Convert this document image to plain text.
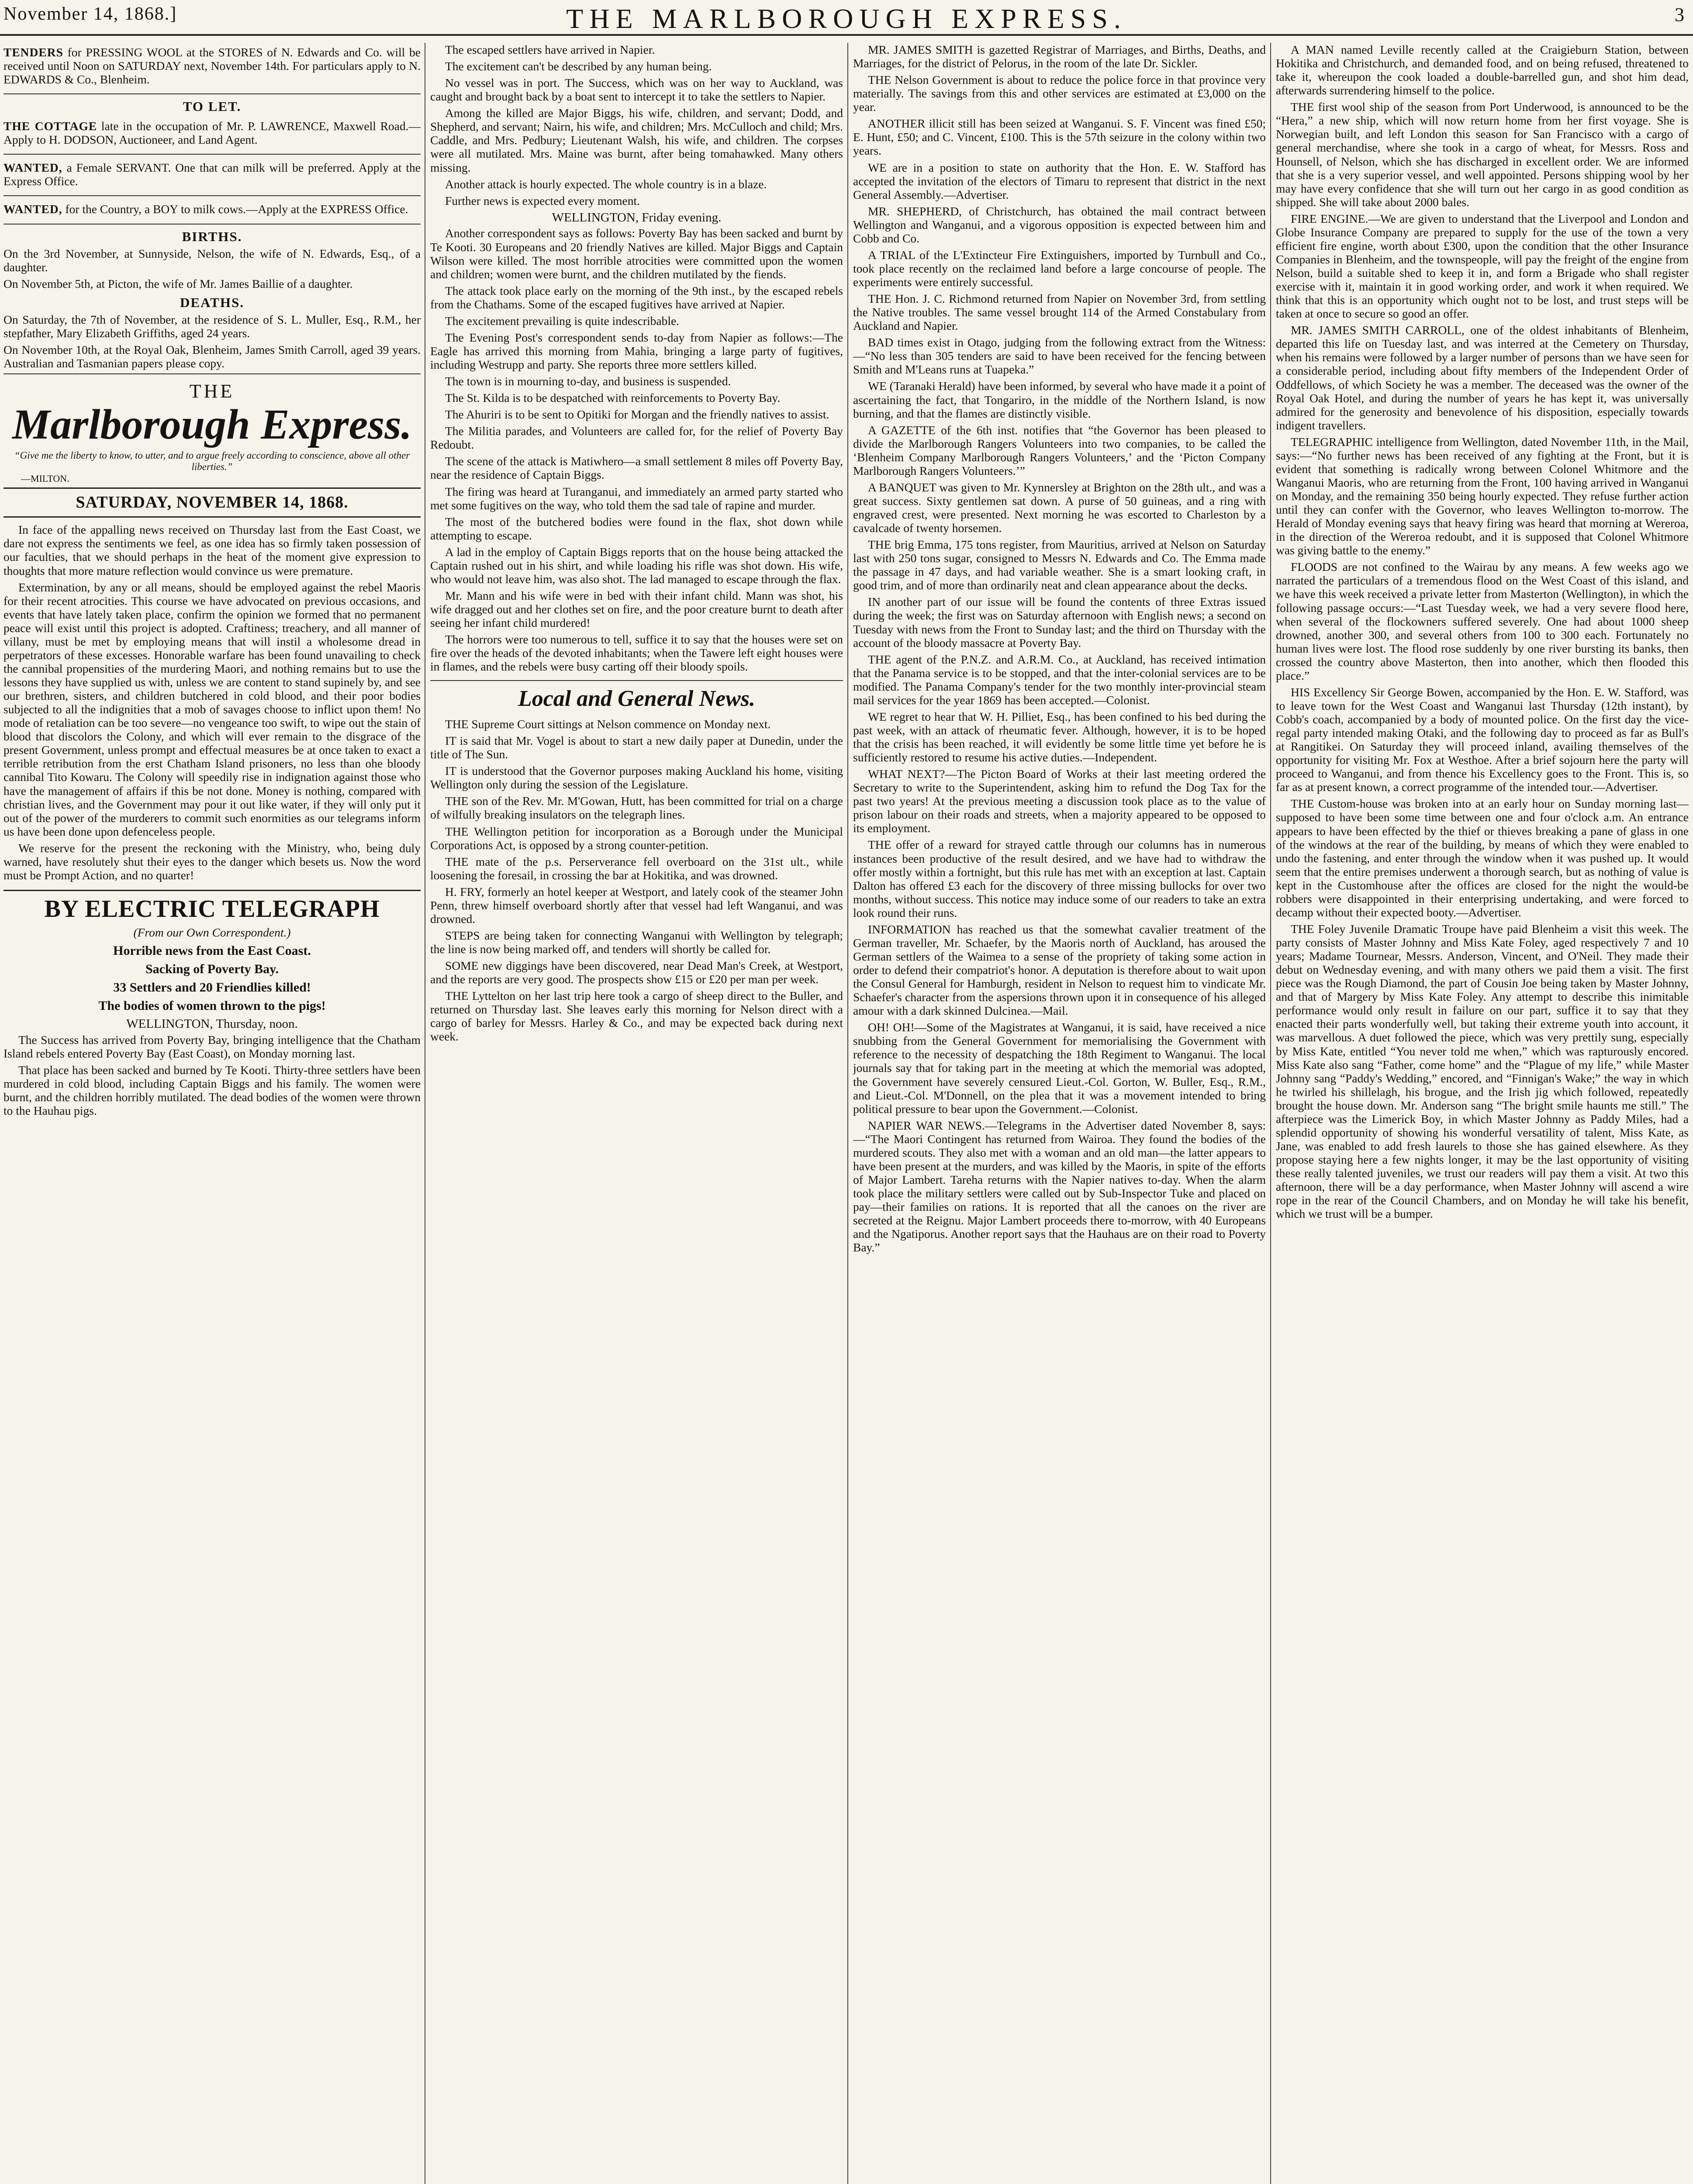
November 14, 1868.]	THE MARLBOROUGH EXPRESS.	3

TENDERS for PRESSING WOOL at the STORES of N. Edwards and Co. will be received until Noon on SATURDAY next, November 14th. For particulars apply to N. EDWARDS & Co., Blenheim.

TO LET.

THE COTTAGE late in the occupation of Mr. P. LAWRENCE, Maxwell Road.—Apply to H. DODSON, Auctioneer, and Land Agent.

WANTED, a Female SERVANT. One that can milk will be preferred. Apply at the Express Office.

WANTED, for the Country, a BOY to milk cows.—Apply at the EXPRESS Office.

BIRTHS.

On the 3rd November, at Sunnyside, Nelson, the wife of N. Edwards, Esq., of a daughter.

On November 5th, at Picton, the wife of Mr. James Baillie of a daughter.

DEATHS.

On Saturday, the 7th of November, at the residence of S. L. Muller, Esq., R.M., her stepfather, Mary Elizabeth Griffiths, aged 24 years.

On November 10th, at the Royal Oak, Blenheim, James Smith Carroll, aged 39 years. Australian and Tasmanian papers please copy.

THE
Marlborough Express.
“Give me the liberty to know, to utter, and to argue freely according to conscience, above all other liberties.”
—MILTON.
SATURDAY, NOVEMBER 14, 1868.

In face of the appalling news received on Thursday last from the East Coast, we dare not express the sentiments we feel, as one idea has so firmly taken possession of our faculties, that we should perhaps in the heat of the moment give expression to thoughts that more mature reflection would convince us were premature.

Extermination, by any or all means, should be employed against the rebel Maoris for their recent atrocities. This course we have advocated on previous occasions, and events that have lately taken place, confirm the opinion we formed that no permanent peace will exist until this project is adopted. Craftiness; treachery, and all manner of villany, must be met by employing means that will instil a wholesome dread in perpetrators of these excesses. Honorable warfare has been found unavailing to check the cannibal propensities of the murdering Maori, and nothing remains but to use the lessons they have supplied us with, unless we are content to stand supinely by, and see our brethren, sisters, and children butchered in cold blood, and their poor bodies subjected to all the indignities that a mob of savages choose to inflict upon them! No mode of retaliation can be too severe—no vengeance too swift, to wipe out the stain of blood that discolors the Colony, and which will ever remain to the disgrace of the present Government, unless prompt and effectual measures be at once taken to exact a terrible retribution from the erst Chatham Island prisoners, no less than ohe bloody cannibal Tito Kowaru. The Colony will speedily rise in indignation against those who have the management of affairs if this be not done. Money is nothing, compared with christian lives, and the Government may pour it out like water, if they will only put it out of the power of the murderers to commit such enormities as our telegrams inform us have been done upon defenceless people.

We reserve for the present the reckoning with the Ministry, who, being duly warned, have resolutely shut their eyes to the danger which besets us. Now the word must be Prompt Action, and no quarter!

BY ELECTRIC TELEGRAPH
(From our Own Correspondent.)
Horrible news from the East Coast.
Sacking of Poverty Bay.
33 Settlers and 20 Friendlies killed!
The bodies of women thrown to the pigs!
WELLINGTON, Thursday, noon.

The Success has arrived from Poverty Bay, bringing intelligence that the Chatham Island rebels entered Poverty Bay (East Coast), on Monday morning last.

That place has been sacked and burned by Te Kooti. Thirty-three settlers have been murdered in cold blood, including Captain Biggs and his family. The women were burnt, and the children horribly mutilated. The dead bodies of the women were thrown to the Hauhau pigs.

The escaped settlers have arrived in Napier.

The excitement can't be described by any human being.

No vessel was in port. The Success, which was on her way to Auckland, was caught and brought back by a boat sent to intercept it to take the settlers to Napier.

Among the killed are Major Biggs, his wife, children, and servant; Dodd, and Shepherd, and servant; Nairn, his wife, and children; Mrs. McCulloch and child; Mrs. Caddle, and Mrs. Pedbury; Lieutenant Walsh, his wife, and children. The corpses were all mutilated. Mrs. Maine was burnt, after being tomahawked. Many others missing.

Another attack is hourly expected. The whole country is in a blaze.

Further news is expected every moment.

WELLINGTON, Friday evening.

Another correspondent says as follows: Poverty Bay has been sacked and burnt by Te Kooti. 30 Europeans and 20 friendly Natives are killed. Major Biggs and Captain Wilson were killed. The most horrible atrocities were committed upon the women and children; women were burnt, and the children mutilated by the fiends.

The attack took place early on the morning of the 9th inst., by the escaped rebels from the Chathams. Some of the escaped fugitives have arrived at Napier.

The excitement prevailing is quite indescribable.

The Evening Post's correspondent sends to-day from Napier as follows:—The Eagle has arrived this morning from Mahia, bringing a large party of fugitives, including Westrupp and party. She reports three more settlers killed.

The town is in mourning to-day, and business is suspended.

The St. Kilda is to be despatched with reinforcements to Poverty Bay.

The Ahuriri is to be sent to Opitiki for Morgan and the friendly natives to assist.

The Militia parades, and Volunteers are called for, for the relief of Poverty Bay Redoubt.

The scene of the attack is Matiwhero—a small settlement 8 miles off Poverty Bay, near the residence of Captain Biggs.

The firing was heard at Turanganui, and immediately an armed party started who met some fugitives on the way, who told them the sad tale of rapine and murder.

The most of the butchered bodies were found in the flax, shot down while attempting to escape.

A lad in the employ of Captain Biggs reports that on the house being attacked the Captain rushed out in his shirt, and while loading his rifle was shot down. His wife, who would not leave him, was also shot. The lad managed to escape through the flax.

Mr. Mann and his wife were in bed with their infant child. Mann was shot, his wife dragged out and her clothes set on fire, and the poor creature burnt to death after seeing her infant child murdered!

The horrors were too numerous to tell, suffice it to say that the houses were set on fire over the heads of the devoted inhabitants; when the Tawere left eight houses were in flames, and the rebels were busy carting off their bloody spoils.

Local and General News.

THE Supreme Court sittings at Nelson commence on Monday next.

IT is said that Mr. Vogel is about to start a new daily paper at Dunedin, under the title of The Sun.

IT is understood that the Governor purposes making Auckland his home, visiting Wellington only during the session of the Legislature.

THE son of the Rev. Mr. M'Gowan, Hutt, has been committed for trial on a charge of wilfully breaking insulators on the telegraph lines.

THE Wellington petition for incorporation as a Borough under the Municipal Corporations Act, is opposed by a strong counter-petition.

THE mate of the p.s. Perserverance fell overboard on the 31st ult., while loosening the foresail, in crossing the bar at Hokitika, and was drowned.

H. FRY, formerly an hotel keeper at Westport, and lately cook of the steamer John Penn, threw himself overboard shortly after that vessel had left Wanganui, and was drowned.

STEPS are being taken for connecting Wanganui with Wellington by telegraph; the line is now being marked off, and tenders will shortly be called for.

SOME new diggings have been discovered, near Dead Man's Creek, at Westport, and the reports are very good. The prospects show £15 or £20 per man per week.

THE Lyttelton on her last trip here took a cargo of sheep direct to the Buller, and returned on Thursday last. She leaves early this morning for Nelson direct with a cargo of barley for Messrs. Harley & Co., and may be expected back during next week.

MR. JAMES SMITH is gazetted Registrar of Marriages, and Births, Deaths, and Marriages, for the district of Pelorus, in the room of the late Dr. Sickler.

THE Nelson Government is about to reduce the police force in that province very materially. The savings from this and other services are estimated at £3,000 on the year.

ANOTHER illicit still has been seized at Wanganui. S. F. Vincent was fined £50; E. Hunt, £50; and C. Vincent, £100. This is the 57th seizure in the colony within two years.

WE are in a position to state on authority that the Hon. E. W. Stafford has accepted the invitation of the electors of Timaru to represent that district in the next General Assembly.—Advertiser.

MR. SHEPHERD, of Christchurch, has obtained the mail contract between Wellington and Wanganui, and a vigorous opposition is expected between him and Cobb and Co.

A TRIAL of the L'Extincteur Fire Extinguishers, imported by Turnbull and Co., took place recently on the reclaimed land before a large concourse of people. The experiments were entirely successful.

THE Hon. J. C. Richmond returned from Napier on November 3rd, from settling the Native troubles. The same vessel brought 114 of the Armed Constabulary from Auckland and Napier.

BAD times exist in Otago, judging from the following extract from the Witness:—“No less than 305 tenders are said to have been received for the fencing between Smith and M'Leans runs at Tuapeka.”

WE (Taranaki Herald) have been informed, by several who have made it a point of ascertaining the fact, that Tongariro, in the middle of the Northern Island, is now burning, and that the flames are distinctly visible.

A GAZETTE of the 6th inst. notifies that “the Governor has been pleased to divide the Marlborough Rangers Volunteers into two companies, to be called the ‘Blenheim Company Marlborough Rangers Volunteers,’ and the ‘Picton Company Marlborough Rangers Volunteers.’”

A BANQUET was given to Mr. Kynnersley at Brighton on the 28th ult., and was a great success. Sixty gentlemen sat down. A purse of 50 guineas, and a ring with engraved crest, were presented. Next morning he was escorted to Charleston by a cavalcade of twenty horsemen.

THE brig Emma, 175 tons register, from Mauritius, arrived at Nelson on Saturday last with 250 tons sugar, consigned to Messrs N. Edwards and Co. The Emma made the passage in 47 days, and had variable weather. She is a smart looking craft, in good trim, and of more than ordinarily neat and clean appearance about the decks.

IN another part of our issue will be found the contents of three Extras issued during the week; the first was on Saturday afternoon with English news; a second on Tuesday with news from the Front to Sunday last; and the third on Thursday with the account of the bloody massacre at Poverty Bay.

THE agent of the P.N.Z. and A.R.M. Co., at Auckland, has received intimation that the Panama service is to be stopped, and that the inter-colonial services are to be modified. The Panama Company's tender for the two monthly inter-provincial steam mail services for the year 1869 has been accepted.—Colonist.

WE regret to hear that W. H. Pilliet, Esq., has been confined to his bed during the past week, with an attack of rheumatic fever. Although, however, it is to be hoped that the crisis has been reached, it will evidently be some little time yet before he is sufficiently restored to resume his active duties.—Independent.

WHAT NEXT?—The Picton Board of Works at their last meeting ordered the Secretary to write to the Superintendent, asking him to refund the Dog Tax for the past two years! At the previous meeting a discussion took place as to the value of prison labour on their roads and streets, when a majority appeared to be opposed to its employment.

THE offer of a reward for strayed cattle through our columns has in numerous instances been productive of the result desired, and we have had to withdraw the offer mostly within a fortnight, but this rule has met with an exception at last. Captain Dalton has offered £3 each for the discovery of three missing bullocks for over two months, without success. This notice may induce some of our readers to take an extra look round their runs.

INFORMATION has reached us that the somewhat cavalier treatment of the German traveller, Mr. Schaefer, by the Maoris north of Auckland, has aroused the German settlers of the Waimea to a sense of the propriety of taking some action in order to defend their compatriot's honor. A deputation is therefore about to wait upon the Consul General for Hamburgh, resident in Nelson to request him to vindicate Mr. Schaefer's character from the aspersions thrown upon it in consequence of his alleged amour with a dark skinned Dulcinea.—Mail.

OH! OH!—Some of the Magistrates at Wanganui, it is said, have received a nice snubbing from the General Government for memorialising the Government with reference to the necessity of despatching the 18th Regiment to Wanganui. The local journals say that for taking part in the meeting at which the memorial was adopted, the Government have severely censured Lieut.-Col. Gorton, W. Buller, Esq., R.M., and Lieut.-Col. M'Donnell, on the plea that it was a movement intended to bring political pressure to bear upon the Government.—Colonist.

NAPIER WAR NEWS.—Telegrams in the Advertiser dated November 8, says:—“The Maori Contingent has returned from Wairoa. They found the bodies of the murdered scouts. They also met with a woman and an old man—the latter appears to have been present at the murders, and was killed by the Maoris, in spite of the efforts of Major Lambert. Tareha returns with the Napier natives to-day. When the alarm took place the military settlers were called out by Sub-Inspector Tuke and placed on pay—their families on rations. It is reported that all the canoes on the river are secreted at the Reignu. Major Lambert proceeds there to-morrow, with 40 Europeans and the Ngatiporus. Another report says that the Hauhaus are on their road to Poverty Bay.”

A MAN named Leville recently called at the Craigieburn Station, between Hokitika and Christchurch, and demanded food, and on being refused, threatened to take it, whereupon the cook loaded a double-barrelled gun, and shot him dead, afterwards surrendering himself to the police.

THE first wool ship of the season from Port Underwood, is announced to be the “Hera,” a new ship, which will now return home from her first voyage. She is Norwegian built, and left London this season for San Francisco with a cargo of general merchandise, where she took in a cargo of wheat, for Messrs. Ross and Hounsell, of Nelson, which she has discharged in excellent order. We are informed that she is a very superior vessel, and well appointed. Persons shipping wool by her may have every confidence that she will turn out her cargo in as good condition as shipped. She will take about 2000 bales.

FIRE ENGINE.—We are given to understand that the Liverpool and London and Globe Insurance Company are prepared to supply for the use of the town a very efficient fire engine, worth about £300, upon the condition that the other Insurance Companies in Blenheim, and the townspeople, will pay the freight of the engine from Nelson, build a suitable shed to keep it in, and form a Brigade who shall register exercise with it, maintain it in good working order, and work it when required. We think that this is an opportunity which ought not to be lost, and trust steps will be taken at once to secure so good an offer.

MR. JAMES SMITH CARROLL, one of the oldest inhabitants of Blenheim, departed this life on Tuesday last, and was interred at the Cemetery on Thursday, when his remains were followed by a larger number of persons than we have seen for a considerable period, including about fifty members of the Independent Order of Oddfellows, of which Society he was a member. The deceased was the owner of the Royal Oak Hotel, and during the number of years he has kept it, was universally admired for the generosity and benevolence of his disposition, especially towards indigent travellers.

TELEGRAPHIC intelligence from Wellington, dated November 11th, in the Mail, says:—“No further news has been received of any fighting at the Front, but it is evident that something is radically wrong between Colonel Whitmore and the Wanganui Maoris, who are returning from the Front, 100 having arrived in Wanganui on Monday, and the remaining 350 being hourly expected. They refuse further action until they can confer with the Governor, who leaves Wellington to-morrow. The Herald of Monday evening says that heavy firing was heard that morning at Wereroa, in the direction of the Wereroa redoubt, and it is supposed that Colonel Whitmore was giving battle to the enemy.”

FLOODS are not confined to the Wairau by any means. A few weeks ago we narrated the particulars of a tremendous flood on the West Coast of this island, and we have this week received a private letter from Masterton (Wellington), in which the following passage occurs:—“Last Tuesday week, we had a very severe flood here, when several of the flockowners suffered severely. One had about 1000 sheep drowned, another 300, and several others from 100 to 300 each. Fortunately no human lives were lost. The flood rose suddenly by one river bursting its banks, then crossed the country above Masterton, then into another, which then flooded this place.”

HIS Excellency Sir George Bowen, accompanied by the Hon. E. W. Stafford, was to leave town for the West Coast and Wanganui last Thursday (12th instant), by Cobb's coach, accompanied by a body of mounted police. On the first day the vice-regal party intended making Otaki, and the following day to proceed as far as Bull's at Rangitikei. On Saturday they will proceed inland, availing themselves of the opportunity for visiting Mr. Fox at Westhoe. After a brief sojourn here the party will proceed to Wanganui, and from thence his Excellency goes to the Front. This is, so far as at present known, a correct programme of the intended tour.—Advertiser.

THE Custom-house was broken into at an early hour on Sunday morning last—supposed to have been some time between one and four o'clock a.m. An entrance appears to have been effected by the thief or thieves breaking a pane of glass in one of the windows at the rear of the building, by means of which they were enabled to undo the fastening, and enter through the window when it was pushed up. It would seem that the entire premises underwent a thorough search, but as nothing of value is kept in the Customhouse after the offices are closed for the night the would-be robbers were disappointed in their enterprising undertaking, and were forced to decamp without their expected booty.—Advertiser.

THE Foley Juvenile Dramatic Troupe have paid Blenheim a visit this week. The party consists of Master Johnny and Miss Kate Foley, aged respectively 7 and 10 years; Madame Tournear, Messrs. Anderson, Vincent, and O'Neil. They made their debut on Wednesday evening, and with many others we paid them a visit. The first piece was the Rough Diamond, the part of Cousin Joe being taken by Master Johnny, and that of Margery by Miss Kate Foley. Any attempt to describe this inimitable performance would only result in failure on our part, suffice it to say that they enacted their parts wonderfully well, but taking their extreme youth into account, it was marvellous. A duet followed the piece, which was very prettily sung, especially by Miss Kate, entitled “You never told me when,” which was rapturously encored. Miss Kate also sang “Father, come home” and the “Plague of my life,” while Master Johnny sang “Paddy's Wedding,” encored, and “Finnigan's Wake;” the way in which he twirled his shillelagh, his brogue, and the Irish jig which followed, repeatedly brought the house down. Mr. Anderson sang “The bright smile haunts me still.” The afterpiece was the Limerick Boy, in which Master Johnny as Paddy Miles, had a splendid opportunity of showing his wonderful versatility of talent, Miss Kate, as Jane, was enabled to add fresh laurels to those she has gained elsewhere. As they propose staying here a few nights longer, it may be the last opportunity of visiting these really talented juveniles, we trust our readers will pay them a visit. At two this afternoon, there will be a day performance, when Master Johnny will ascend a wire rope in the rear of the Council Chambers, and on Monday he will take his benefit, which we trust will be a bumper.
